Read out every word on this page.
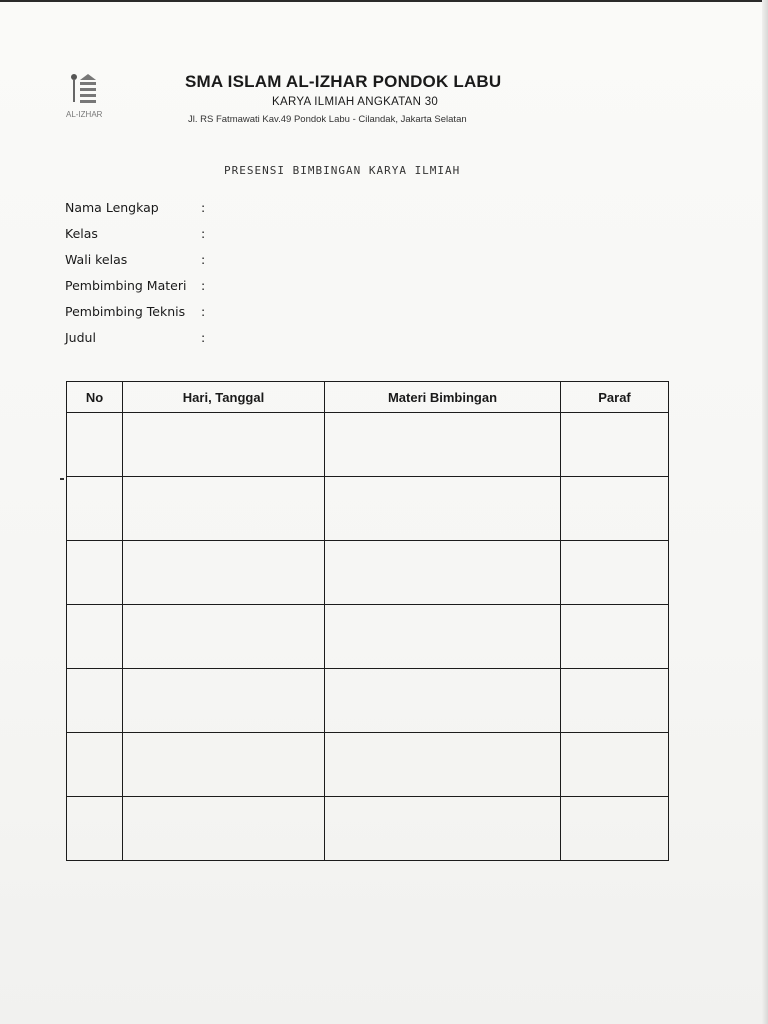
AL-IZHAR
SMA ISLAM AL-IZHAR PONDOK LABU
KARYA ILMIAH ANGKATAN 30
Jl. RS Fatmawati Kav.49 Pondok Labu - Cilandak, Jakarta Selatan
PRESENSI BIMBINGAN KARYA ILMIAH
Nama Lengkap	:
Kelas	:
Wali kelas	:
Pembimbing Materi :
Pembimbing Teknis :
Judul	:
No	Hari, Tanggal	Materi Bimbingan	Paraf
